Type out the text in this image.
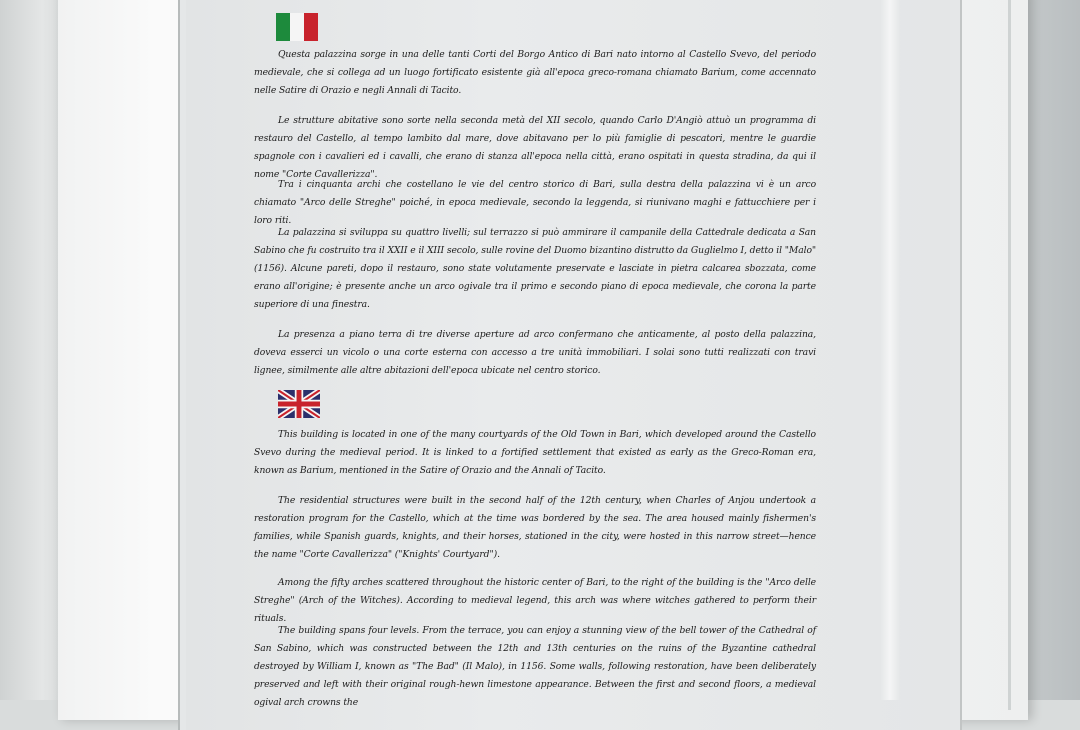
Questa palazzina sorge in una delle tanti Corti del Borgo Antico di Bari nato intorno al Castello Svevo, del periodo medievale, che si collega ad un luogo fortificato esistente già all'epoca greco-romana chiamato Barium, come accennato nelle Satire di Orazio e negli Annali di Tacito.

Le strutture abitative sono sorte nella seconda metà del XII secolo, quando Carlo D'Angiò attuò un programma di restauro del Castello, al tempo lambito dal mare, dove abitavano per lo più famiglie di pescatori, mentre le guardie spagnole con i cavalieri ed i cavalli, che erano di stanza all'epoca nella città, erano ospitati in questa stradina, da qui il nome "Corte Cavallerizza".

Tra i cinquanta archi che costellano le vie del centro storico di Bari, sulla destra della palazzina vi è un arco chiamato "Arco delle Streghe" poiché, in epoca medievale, secondo la leggenda, si riunivano maghi e fattucchiere per i loro riti.

La palazzina si sviluppa su quattro livelli; sul terrazzo si può ammirare il campanile della Cattedrale dedicata a San Sabino che fu costruito tra il XXII e il XIII secolo, sulle rovine del Duomo bizantino distrutto da Guglielmo I, detto il "Malo" (1156). Alcune pareti, dopo il restauro, sono state volutamente preservate e lasciate in pietra calcarea sbozzata, come erano all'origine; è presente anche un arco ogivale tra il primo e secondo piano di epoca medievale, che corona la parte superiore di una finestra.

La presenza a piano terra di tre diverse aperture ad arco confermano che anticamente, al posto della palazzina, doveva esserci un vicolo o una corte esterna con accesso a tre unità immobiliari. I solai sono tutti realizzati con travi lignee, similmente alle altre abitazioni dell'epoca ubicate nel centro storico.

This building is located in one of the many courtyards of the Old Town in Bari, which developed around the Castello Svevo during the medieval period. It is linked to a fortified settlement that existed as early as the Greco-Roman era, known as Barium, mentioned in the Satire of Orazio and the Annali of Tacito.

The residential structures were built in the second half of the 12th century, when Charles of Anjou undertook a restoration program for the Castello, which at the time was bordered by the sea. The area housed mainly fishermen's families, while Spanish guards, knights, and their horses, stationed in the city, were hosted in this narrow street—hence the name "Corte Cavallerizza" ("Knights' Courtyard").

Among the fifty arches scattered throughout the historic center of Bari, to the right of the building is the "Arco delle Streghe" (Arch of the Witches). According to medieval legend, this arch was where witches gathered to perform their rituals.

The building spans four levels. From the terrace, you can enjoy a stunning view of the bell tower of the Cathedral of San Sabino, which was constructed between the 12th and 13th centuries on the ruins of the Byzantine cathedral destroyed by William I, known as "The Bad" (Il Malo), in 1156. Some walls, following restoration, have been deliberately preserved and left with their original rough-hewn limestone appearance. Between the first and second floors, a medieval ogival arch crowns the
